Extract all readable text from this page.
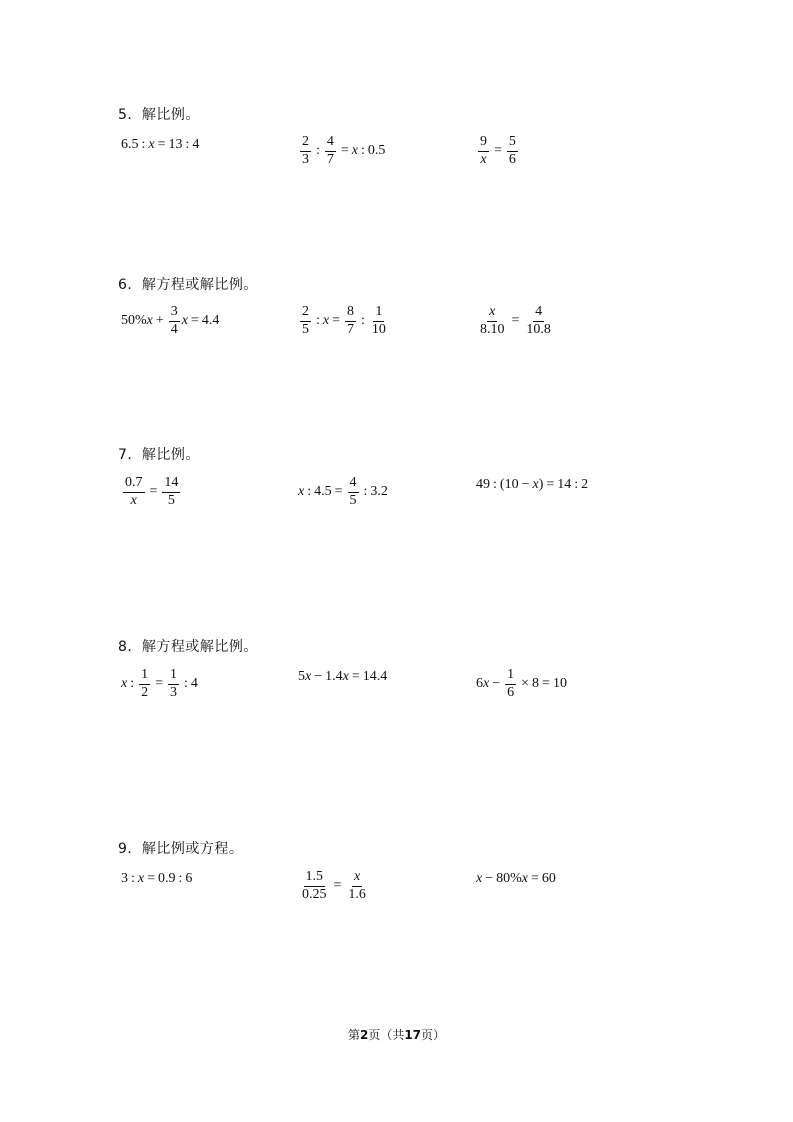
5．解比例。
6.5 : x = 13 : 4	$\frac{2}{3}$ : $\frac{4}{7} = x$ : 0.5	$\frac{9}{x} = \frac{5}{6}$
6．解方程或解比例。
50% $x + \frac{3}{4}$ x = 4.4	$\frac{2}{5}$ : $x = \frac{8}{7}$ : $\frac{1}{10}$	$\frac{x}{8.10} = \frac{4}{10.8}$
7．解比例。
$\frac{0.7}{x} = \frac{14}{5}$	x : $4.5 = \frac{4}{5}$ : 3.2	49 : ( 10 − x ) = 14 : 2
8．解方程或解比例。
x : $\frac{1}{2} = \frac{1}{3}$ : 4	5 x − 1.4 x = 14.4	6 $x - \frac{1}{6} \times 8 = 10$
9．解比例或方程。
3 : x = 0.9 : 6	$\frac{1.5}{0.25} = \frac{x}{1.6}$	x − 80% x = 60
第2页（共17页）
